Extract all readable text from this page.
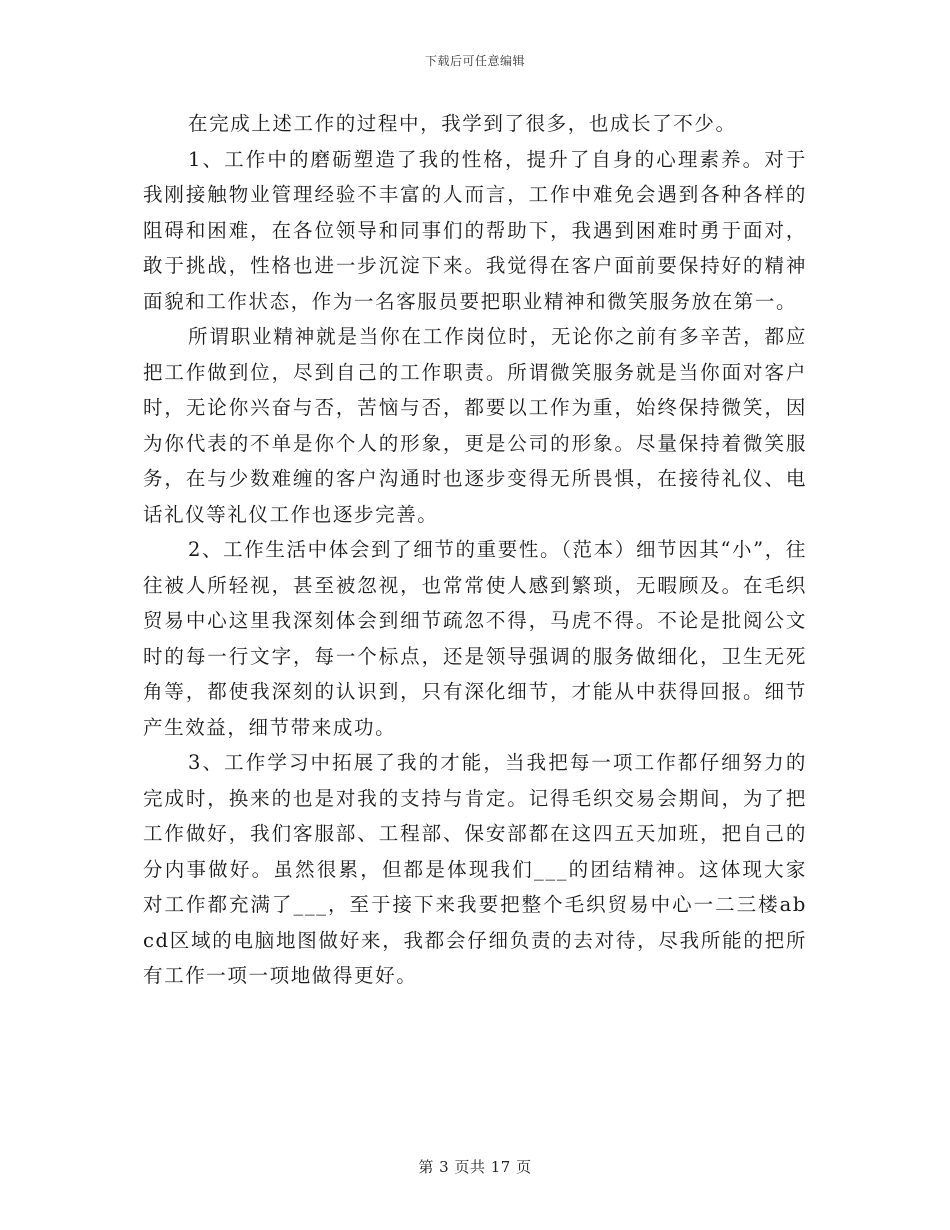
下载后可任意编辑

在完成上述工作的过程中，我学到了很多，也成长了不少。

1、工作中的磨砺塑造了我的性格，提升了自身的心理素养。对于我刚接触物业管理经验不丰富的人而言，工作中难免会遇到各种各样的阻碍和困难，在各位领导和同事们的帮助下，我遇到困难时勇于面对，敢于挑战，性格也进一步沉淀下来。我觉得在客户面前要保持好的精神面貌和工作状态，作为一名客服员要把职业精神和微笑服务放在第一。

所谓职业精神就是当你在工作岗位时，无论你之前有多辛苦，都应把工作做到位，尽到自己的工作职责。所谓微笑服务就是当你面对客户时，无论你兴奋与否，苦恼与否，都要以工作为重，始终保持微笑，因为你代表的不单是你个人的形象，更是公司的形象。尽量保持着微笑服务，在与少数难缠的客户沟通时也逐步变得无所畏惧，在接待礼仪、电话礼仪等礼仪工作也逐步完善。

2、工作生活中体会到了细节的重要性。（范本）细节因其“小”，往往被人所轻视，甚至被忽视，也常常使人感到繁琐，无暇顾及。在毛织贸易中心这里我深刻体会到细节疏忽不得，马虎不得。不论是批阅公文时的每一行文字，每一个标点，还是领导强调的服务做细化，卫生无死角等，都使我深刻的认识到，只有深化细节，才能从中获得回报。细节产生效益，细节带来成功。

3、工作学习中拓展了我的才能，当我把每一项工作都仔细努力的完成时，换来的也是对我的支持与肯定。记得毛织交易会期间，为了把工作做好，我们客服部、工程部、保安部都在这四五天加班，把自己的分内事做好。虽然很累，但都是体现我们___的团结精神。这体现大家对工作都充满了___，至于接下来我要把整个毛织贸易中心一二三楼abcd区域的电脑地图做好来，我都会仔细负责的去对待，尽我所能的把所有工作一项一项地做得更好。

第 3 页共 17 页
